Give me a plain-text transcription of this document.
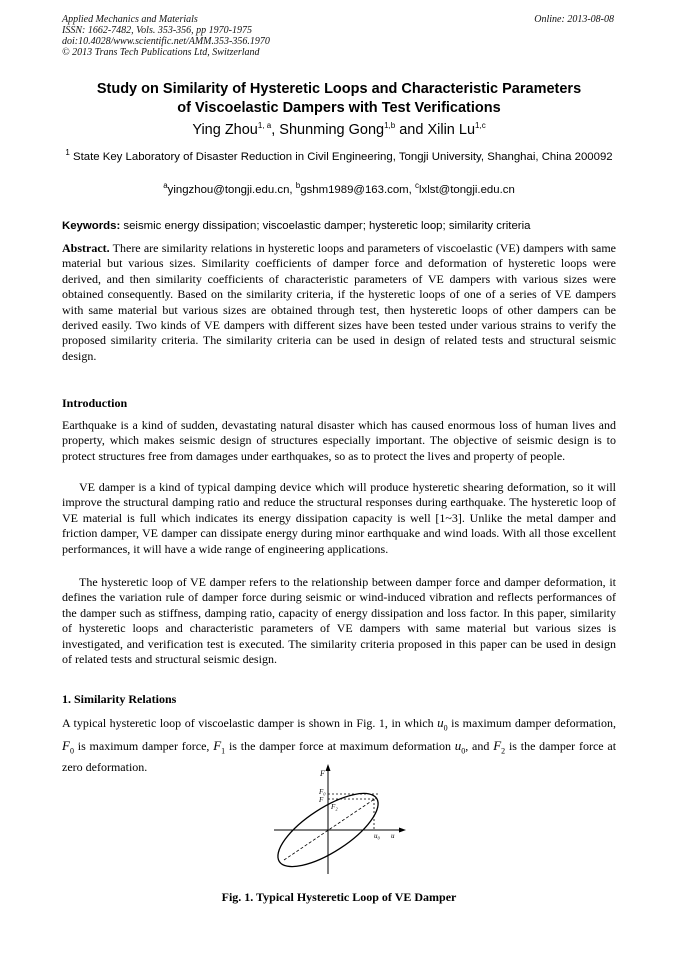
Applied Mechanics and Materials
ISSN: 1662-7482, Vols. 353-356, pp 1970-1975
doi:10.4028/www.scientific.net/AMM.353-356.1970
© 2013 Trans Tech Publications Ltd, Switzerland
Online: 2013-08-08
Study on Similarity of Hysteretic Loops and Characteristic Parameters
of Viscoelastic Dampers with Test Verifications
Ying Zhou$^{1, a}$, Shunming Gong$^{1,b}$ and Xilin Lu$^{1,c}$
$^1$ State Key Laboratory of Disaster Reduction in Civil Engineering, Tongji University, Shanghai, China 200092
$^a$yingzhou@tongji.edu.cn, $^b$gshm1989@163.com, $^c$lxlst@tongji.edu.cn
Keywords: seismic energy dissipation; viscoelastic damper; hysteretic loop; similarity criteria
Abstract. There are similarity relations in hysteretic loops and parameters of viscoelastic (VE) dampers with same material but various sizes. Similarity coefficients of damper force and deformation of hysteretic loops were derived, and then similarity coefficients of characteristic parameters of VE dampers with various sizes were obtained consequently. Based on the similarity criteria, if the hysteretic loops of one of a series of VE dampers with same material but various sizes are obtained through test, then hysteretic loops of other dampers can be derived easily. Two kinds of VE dampers with different sizes have been tested under various strains to verify the proposed similarity criteria. The similarity criteria can be used in design of related tests and structural seismic design.
Introduction
Earthquake is a kind of sudden, devastating natural disaster which has caused enormous loss of human lives and property, which makes seismic design of structures especially important. The objective of seismic design is to protect structures free from damages under earthquakes, so as to protect the lives and property of people.
VE damper is a kind of typical damping device which will produce hysteretic shearing deformation, so it will improve the structural damping ratio and reduce the structural responses during earthquake. The hysteretic loop of VE material is full which indicates its energy dissipation capacity is well [1~3]. Unlike the metal damper and friction damper, VE damper can dissipate energy during minor earthquake and wind loads. With all those excellent performances, it will have a wide range of engineering applications.
The hysteretic loop of VE damper refers to the relationship between damper force and damper deformation, it defines the variation rule of damper force during seismic or wind-induced vibration and reflects performances of the damper such as stiffness, damping ratio, capacity of energy dissipation and loss factor. In this paper, similarity of hysteretic loops and characteristic parameters of VE dampers with same material but various sizes is investigated, and verification test is executed. The similarity criteria proposed in this paper can be used in design of related tests and structural seismic design.
1. Similarity Relations
A typical hysteretic loop of viscoelastic damper is shown in Fig. 1, in which $u_0$ is maximum damper deformation, $F_0$ is maximum damper force, $F_1$ is the damper force at maximum deformation $u_0$, and $F_2$ is the damper force at zero deformation.	F
F₀
F
F₂
u₀ u
Fig. 1. Typical Hysteretic Loop of VE Damper
